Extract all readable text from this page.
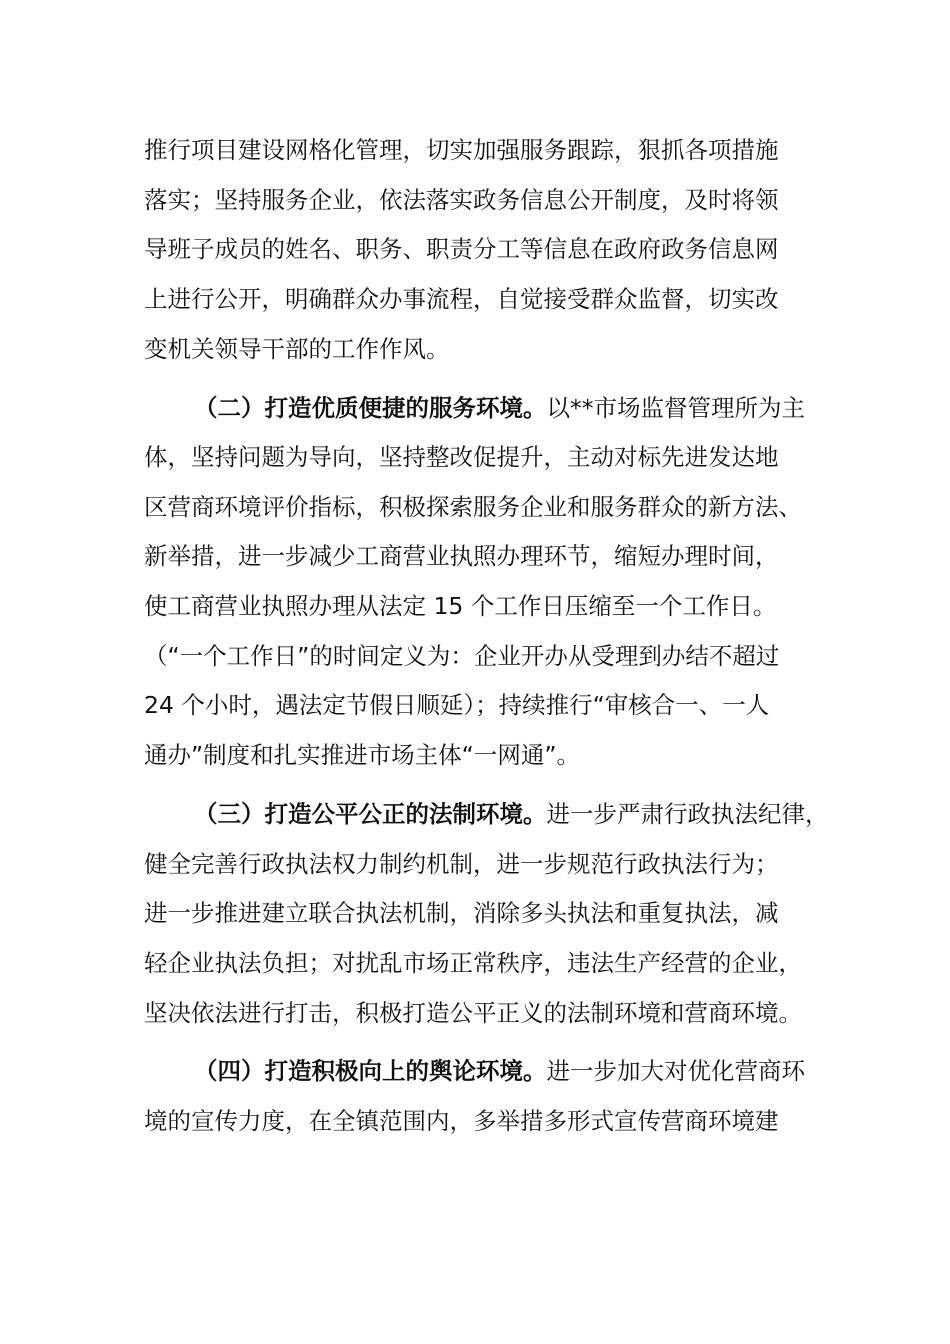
推行项目建设网格化管理，切实加强服务跟踪，狠抓各项措施
落实；坚持服务企业，依法落实政务信息公开制度，及时将领
导班子成员的姓名、职务、职责分工等信息在政府政务信息网
上进行公开，明确群众办事流程，自觉接受群众监督，切实改
变机关领导干部的工作作风。
（二）打造优质便捷的服务环境。以**市场监督管理所为主
体，坚持问题为导向，坚持整改促提升，主动对标先进发达地
区营商环境评价指标，积极探索服务企业和服务群众的新方法、
新举措，进一步减少工商营业执照办理环节，缩短办理时间，
使工商营业执照办理从法定 15 个工作日压缩至一个工作日。
（“一个工作日”的时间定义为：企业开办从受理到办结不超过
24 个小时，遇法定节假日顺延）；持续推行“审核合一、一人
通办”制度和扎实推进市场主体“一网通”。
（三）打造公平公正的法制环境。进一步严肃行政执法纪律，
健全完善行政执法权力制约机制，进一步规范行政执法行为；
进一步推进建立联合执法机制，消除多头执法和重复执法，减
轻企业执法负担；对扰乱市场正常秩序，违法生产经营的企业，
坚决依法进行打击，积极打造公平正义的法制环境和营商环境。
（四）打造积极向上的舆论环境。进一步加大对优化营商环
境的宣传力度，在全镇范围内，多举措多形式宣传营商环境建
